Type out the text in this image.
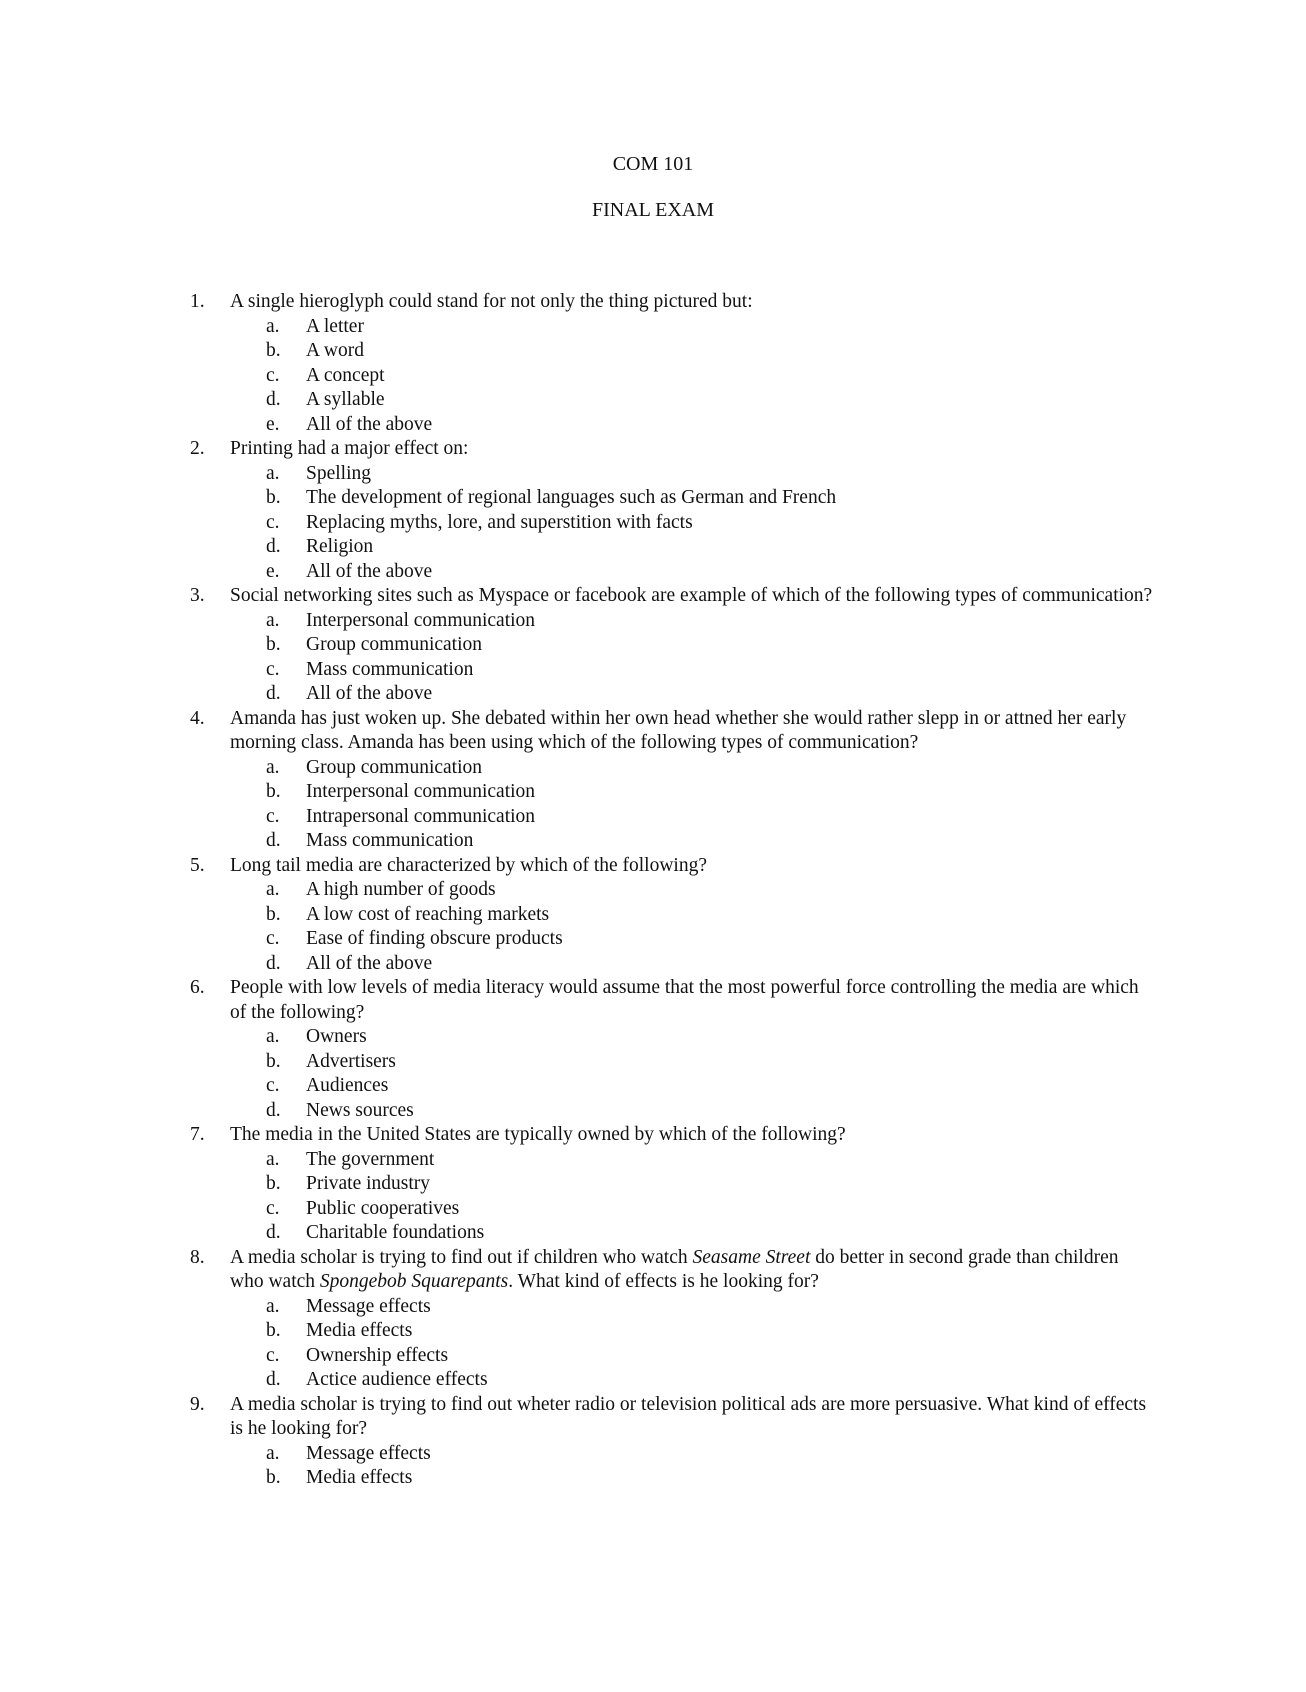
COM 101
FINAL EXAM
1. A single hieroglyph could stand for not only the thing pictured but:
a. A letter
b. A word
c. A concept
d. A syllable
e. All of the above
2. Printing had a major effect on:
a. Spelling
b. The development of regional languages such as German and French
c. Replacing myths, lore, and superstition with facts
d. Religion
e. All of the above
3. Social networking sites such as Myspace or facebook are example of which of the following types of communication?
a. Interpersonal communication
b. Group communication
c. Mass communication
d. All of the above
4. Amanda has just woken up. She debated within her own head whether she would rather slepp in or attned her early morning class. Amanda has been using which of the following types of communication?
a. Group communication
b. Interpersonal communication
c. Intrapersonal communication
d. Mass communication
5. Long tail media are characterized by which of the following?
a. A high number of goods
b. A low cost of reaching markets
c. Ease of finding obscure products
d. All of the above
6. People with low levels of media literacy would assume that the most powerful force controlling the media are which of the following?
a. Owners
b. Advertisers
c. Audiences
d. News sources
7. The media in the United States are typically owned by which of the following?
a. The government
b. Private industry
c. Public cooperatives
d. Charitable foundations
8. A media scholar is trying to find out if children who watch Seasame Street do better in second grade than children who watch Spongebob Squarepants. What kind of effects is he looking for?
a. Message effects
b. Media effects
c. Ownership effects
d. Actice audience effects
9. A media scholar is trying to find out wheter radio or television political ads are more persuasive. What kind of effects is he looking for?
a. Message effects
b. Media effects
